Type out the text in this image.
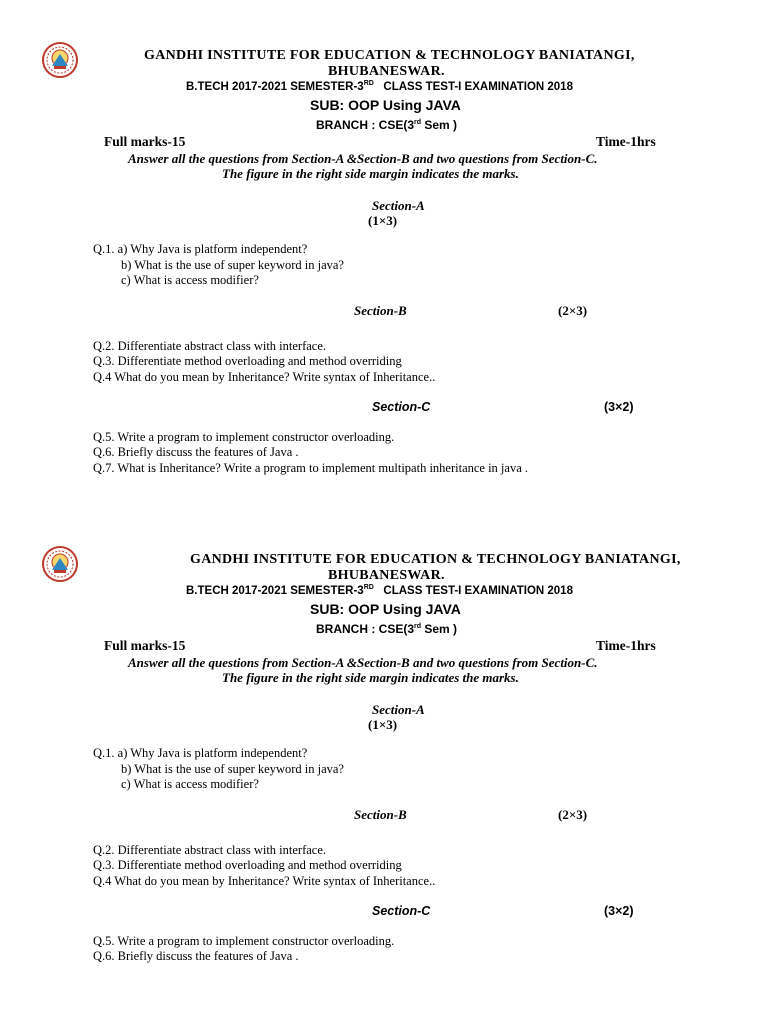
GANDHI INSTITUTE FOR EDUCATION & TECHNOLOGY BANIATANGI,
BHUBANESWAR.
B.TECH 2017-2021 SEMESTER-3RD CLASS TEST-I EXAMINATION 2018
SUB: OOP Using JAVA
BRANCH : CSE(3rd Sem )
Full marks-15	Time-1hrs
Answer all the questions from Section-A &Section-B and two questions from Section-C.
The figure in the right side margin indicates the marks.
Section-A
(1×3)
Q.1. a) Why Java is platform independent?
b) What is the use of super keyword in java?
c) What is access modifier?
Section-B	(2×3)
Q.2. Differentiate abstract class with interface.
Q.3. Differentiate method overloading and method overriding
Q.4 What do you mean by Inheritance? Write syntax of Inheritance..
Section-C	(3×2)
Q.5. Write a program to implement constructor overloading.
Q.6. Briefly discuss the features of Java .
Q.7. What is Inheritance? Write a program to implement multipath inheritance in java .
GANDHI INSTITUTE FOR EDUCATION & TECHNOLOGY BANIATANGI,
BHUBANESWAR.
B.TECH 2017-2021 SEMESTER-3RD CLASS TEST-I EXAMINATION 2018
SUB: OOP Using JAVA
BRANCH : CSE(3rd Sem )
Full marks-15	Time-1hrs
Answer all the questions from Section-A &Section-B and two questions from Section-C.
The figure in the right side margin indicates the marks.
Section-A
(1×3)
Q.1. a) Why Java is platform independent?
b) What is the use of super keyword in java?
c) What is access modifier?
Section-B	(2×3)
Q.2. Differentiate abstract class with interface.
Q.3. Differentiate method overloading and method overriding
Q.4 What do you mean by Inheritance? Write syntax of Inheritance..
Section-C	(3×2)
Q.5. Write a program to implement constructor overloading.
Q.6. Briefly discuss the features of Java .
